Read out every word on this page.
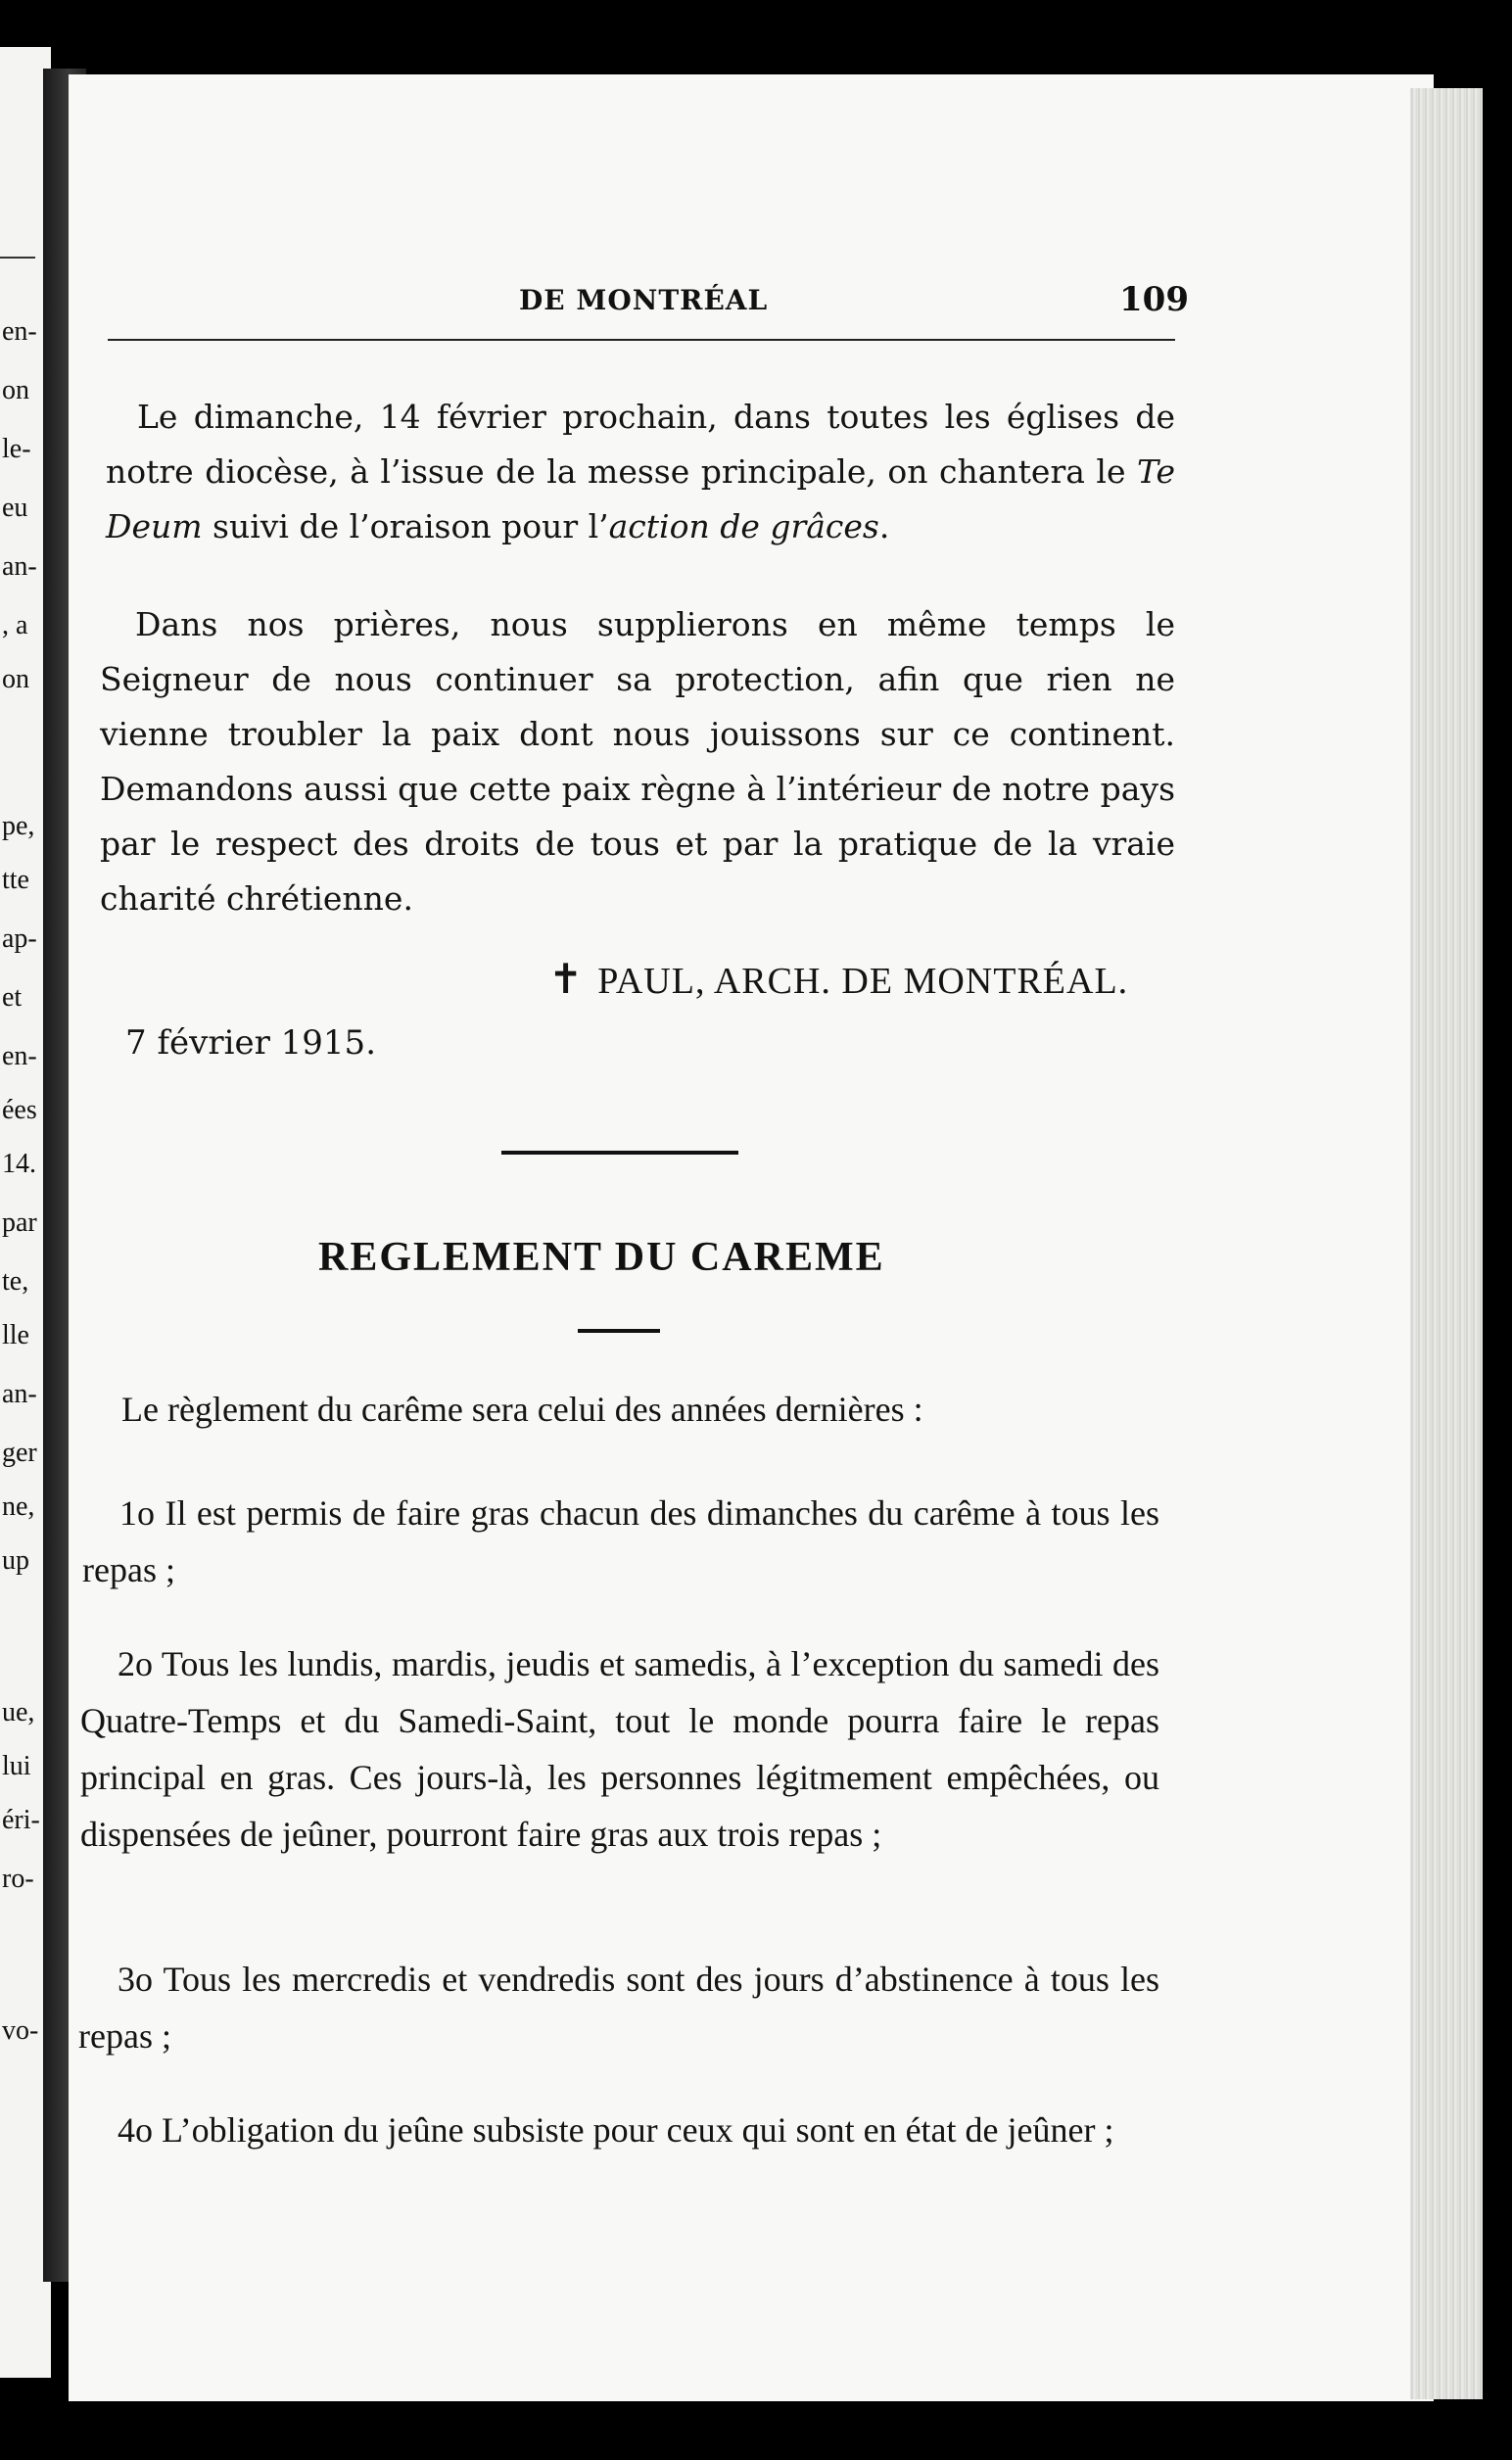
en-
on
le-
eu
an-
, a
on
pe,
tte
ap-
et
en-
ées
14.
par
te,
lle
an-
ger
ne,
up
ue,
lui
éri-
ro-
vo-
DE MONTRÉAL	109

Le dimanche, 14 février prochain, dans toutes les églises de notre diocèse, à l’issue de la messe principale, on chantera le Te Deum suivi de l’oraison pour l’action de grâces.

Dans nos prières, nous supplierons en même temps le Seigneur de nous continuer sa protection, afin que rien ne vienne troubler la paix dont nous jouissons sur ce continent. Demandons aussi que cette paix règne à l’intérieur de notre pays par le respect des droits de tous et par la pratique de la vraie charité chrétienne.

✝ PAUL, ARCH. DE MONTRÉAL.
7 février 1915.
REGLEMENT DU CAREME

Le règlement du carême sera celui des années dernières :

1o Il est permis de faire gras chacun des dimanches du carême à tous les repas ;

2o Tous les lundis, mardis, jeudis et samedis, à l’exception du samedi des Quatre-Temps et du Samedi-Saint, tout le monde pourra faire le repas principal en gras. Ces jours-là, les personnes légitmement empêchées, ou dispensées de jeûner, pourront faire gras aux trois repas ;

3o Tous les mercredis et vendredis sont des jours d’abstinence à tous les repas ;

4o L’obligation du jeûne subsiste pour ceux qui sont en état de jeûner ;
